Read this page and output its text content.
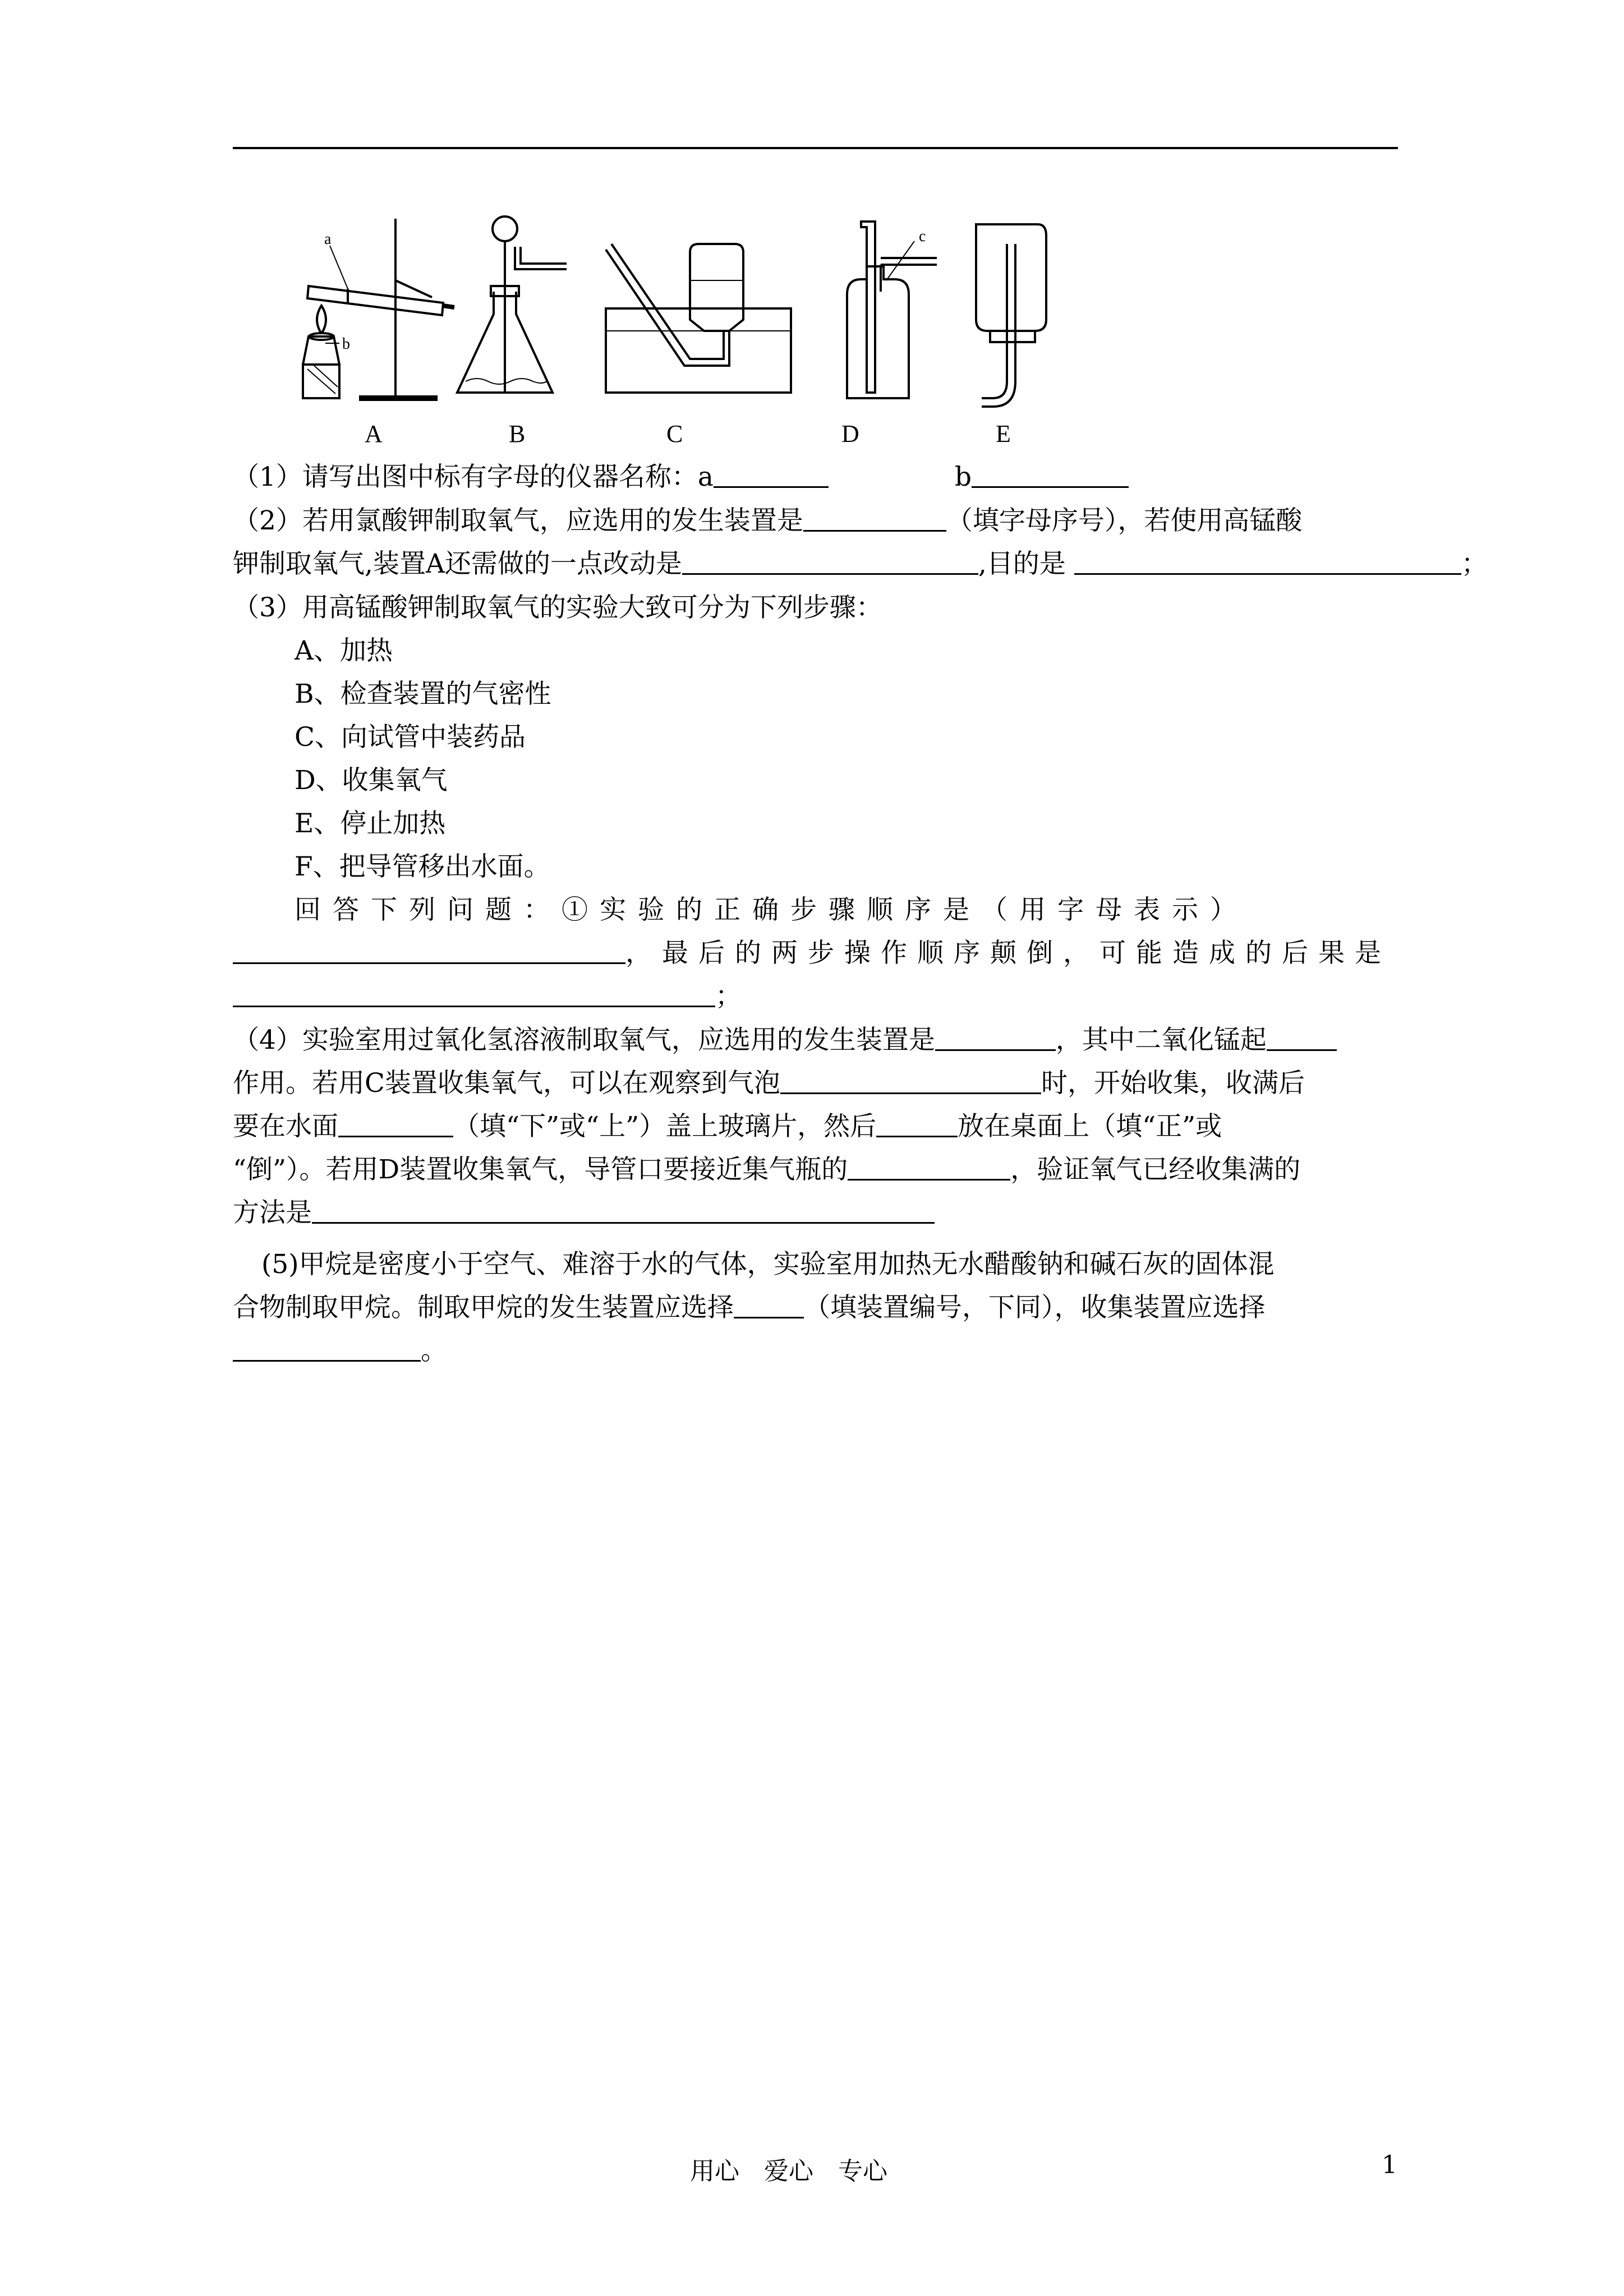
a
b
c
A	B	C	D	E
（1）请写出图中标有字母的仪器名称：a	b
（2）若用氯酸钾制取氧气，应选用的发生装置是	（填字母序号），若使用高锰酸
钾制取氧气,装置A还需做的一点改动是	,目的是	；
（3）用高锰酸钾制取氧气的实验大致可分为下列步骤：
A、加热
B、检查装置的气密性
C、向试管中装药品
D、收集氧气
E、停止加热
F、把导管移出水面。
回答下列问题：①实验的正确步骤顺序是（用字母表示）
，最后的两步操作顺序颠倒，可能造成的后果是
；
（4）实验室用过氧化氢溶液制取氧气，应选用的发生装置是	，其中二氧化锰起
作用。若用C装置收集氧气，可以在观察到气泡	时，开始收集，收满后
要在水面	（填“下”或“上”）盖上玻璃片，然后	放在桌面上（填“正”或
“倒”）。若用D装置收集氧气，导管口要接近集气瓶的	，验证氧气已经收集满的
方法是
(5)甲烷是密度小于空气、难溶于水的气体，实验室用加热无水醋酸钠和碱石灰的固体混
合物制取甲烷。制取甲烷的发生装置应选择	（填装置编号，下同），收集装置应选择
。
用心　爱心　专心	1
